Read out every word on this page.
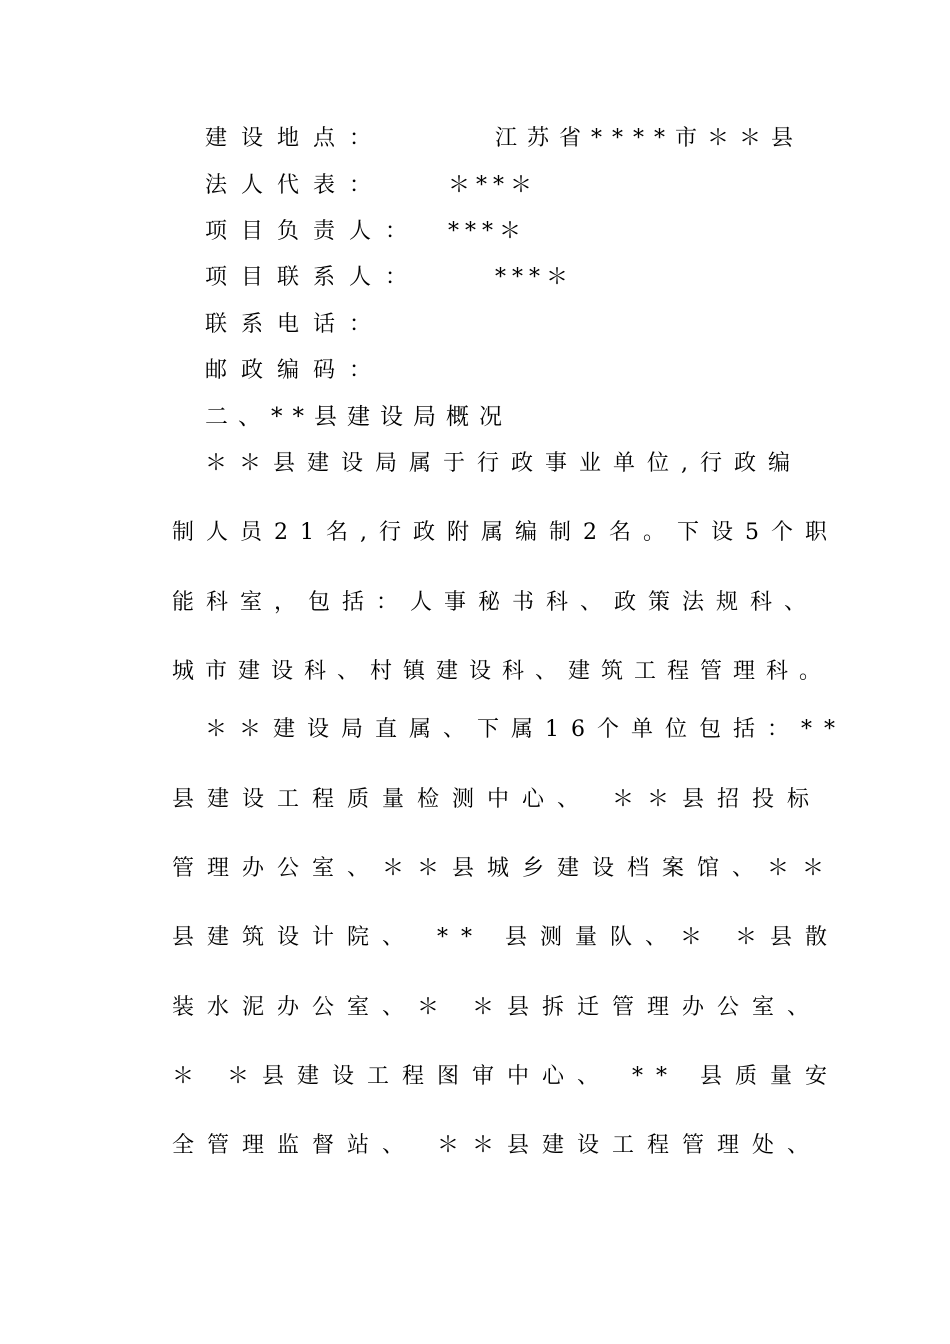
建设地点：	江苏省****市＊＊县
法人代表：	＊**＊
项目负责人： ***＊
项目联系人：	***＊
联系电话：
邮政编码：
二、**县建设局概况
＊＊县建设局属于行政事业单位,行政编
制人员21名,行政附属编制2名。下设5个职
能科室，包括：人事秘书科、政策法规科、
城市建设科、村镇建设科、建筑工程管理科。
＊＊建设局直属、下属16个单位包括：**
县建设工程质量检测中心、 ＊＊县招投标
管理办公室、＊＊县城乡建设档案馆、＊＊
县建筑设计院、 ** 县测量队、＊ ＊县散
装水泥办公室、＊ ＊县拆迁管理办公室、
＊ ＊县建设工程图审中心、 ** 县质量安
全管理监督站、 ＊＊县建设工程管理处、
